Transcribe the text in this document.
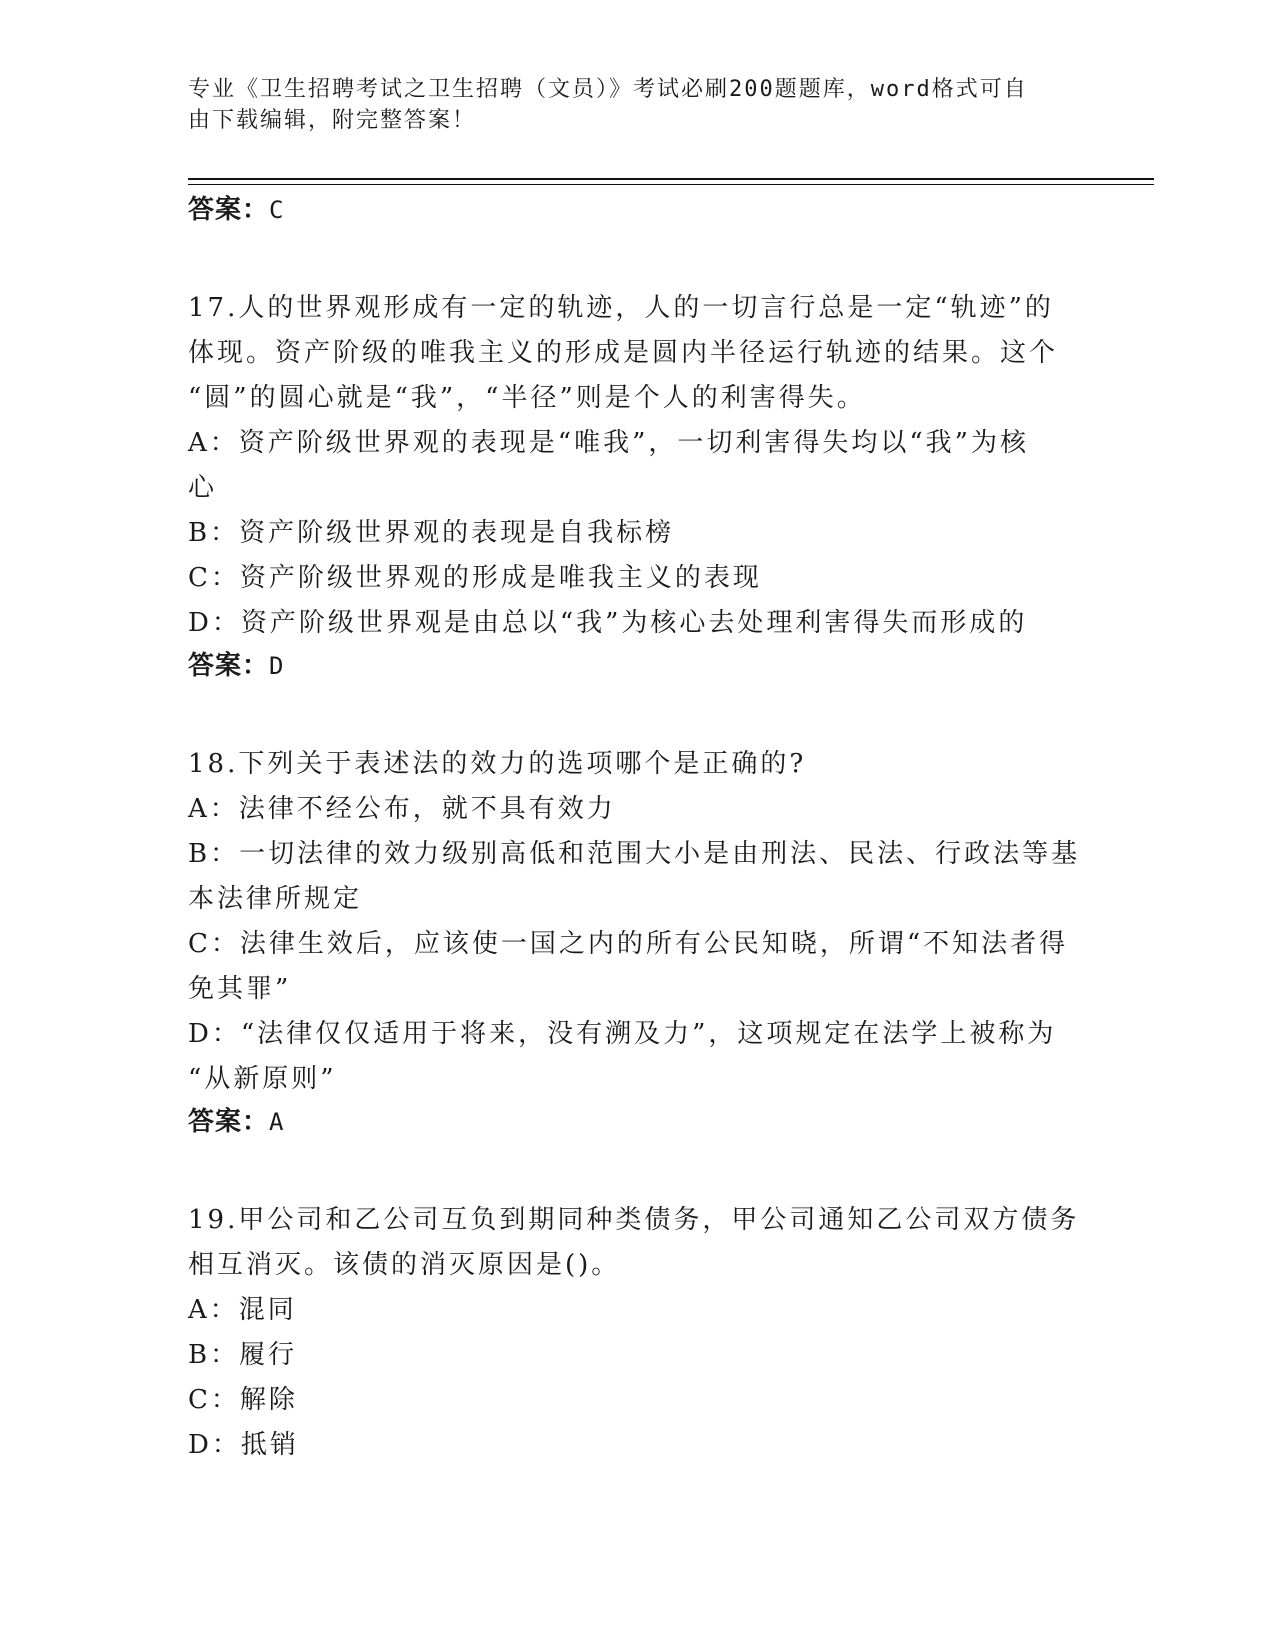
专业《卫生招聘考试之卫生招聘（文员）》考试必刷200题题库，word格式可自
由下载编辑，附完整答案！
答案：C
17.人的世界观形成有一定的轨迹，人的一切言行总是一定“轨迹”的
体现。资产阶级的唯我主义的形成是圆内半径运行轨迹的结果。这个
“圆”的圆心就是“我”，“半径”则是个人的利害得失。
A：资产阶级世界观的表现是“唯我”，一切利害得失均以“我”为核
心
B：资产阶级世界观的表现是自我标榜
C：资产阶级世界观的形成是唯我主义的表现
D：资产阶级世界观是由总以“我”为核心去处理利害得失而形成的
答案：D
18.下列关于表述法的效力的选项哪个是正确的?
A：法律不经公布，就不具有效力
B：一切法律的效力级别高低和范围大小是由刑法、民法、行政法等基
本法律所规定
C：法律生效后，应该使一国之内的所有公民知晓，所谓“不知法者得
免其罪”
D：“法律仅仅适用于将来，没有溯及力”，这项规定在法学上被称为
“从新原则”
答案：A
19.甲公司和乙公司互负到期同种类债务，甲公司通知乙公司双方债务
相互消灭。该债的消灭原因是()。
A：混同
B：履行
C：解除
D：抵销
